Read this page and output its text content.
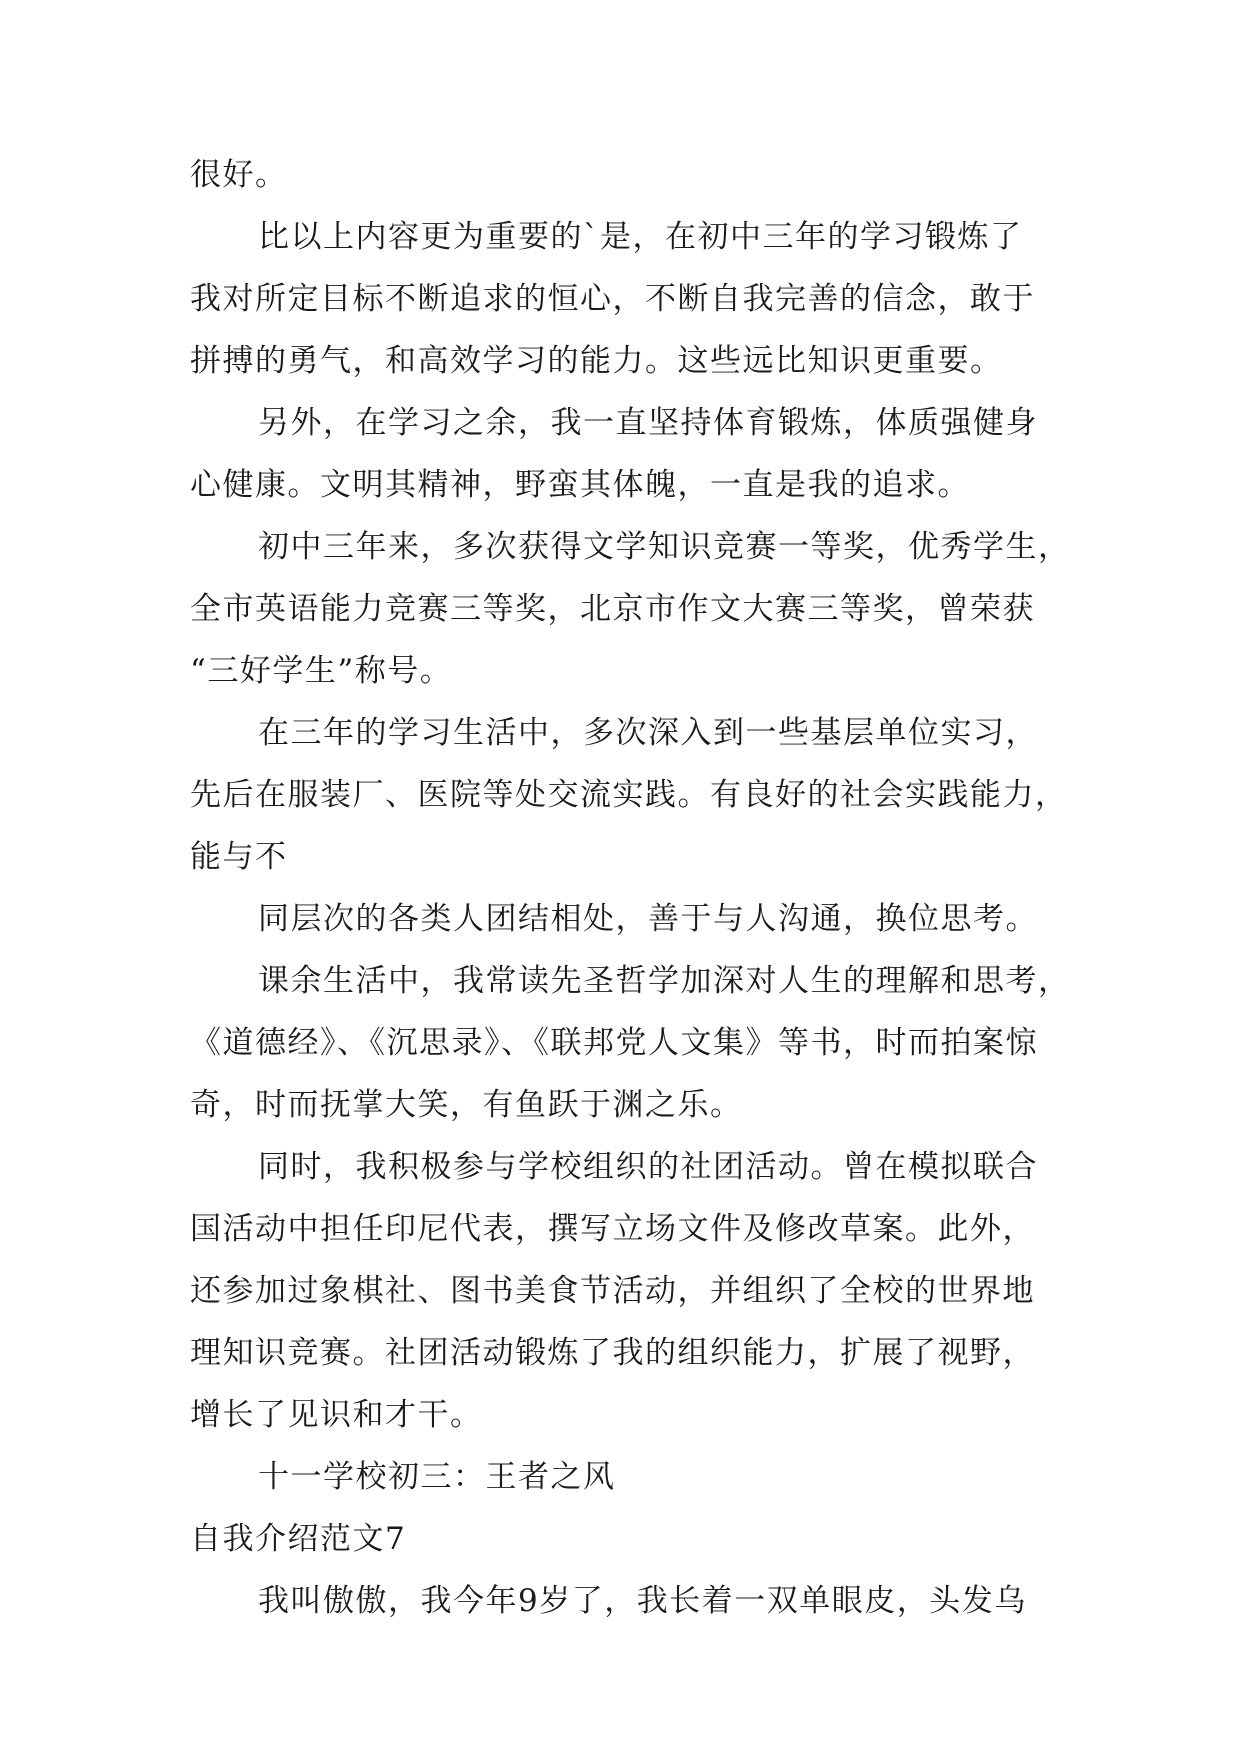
很好。
比以上内容更为重要的`是，在初中三年的学习锻炼了
我对所定目标不断追求的恒心，不断自我完善的信念，敢于
拼搏的勇气，和高效学习的能力。这些远比知识更重要。
另外，在学习之余，我一直坚持体育锻炼，体质强健身
心健康。文明其精神，野蛮其体魄，一直是我的追求。
初中三年来，多次获得文学知识竞赛一等奖，优秀学生，
全市英语能力竞赛三等奖，北京市作文大赛三等奖，曾荣获
“三好学生”称号。
在三年的学习生活中，多次深入到一些基层单位实习，
先后在服装厂、医院等处交流实践。有良好的社会实践能力，
能与不
同层次的各类人团结相处，善于与人沟通，换位思考。
课余生活中，我常读先圣哲学加深对人生的理解和思考，
《道德经》、《沉思录》、《联邦党人文集》等书，时而拍案惊
奇，时而抚掌大笑，有鱼跃于渊之乐。
同时，我积极参与学校组织的社团活动。曾在模拟联合
国活动中担任印尼代表，撰写立场文件及修改草案。此外，
还参加过象棋社、图书美食节活动，并组织了全校的世界地
理知识竞赛。社团活动锻炼了我的组织能力，扩展了视野，
增长了见识和才干。
十一学校初三：王者之风
自我介绍范文7
我叫傲傲，我今年9岁了，我长着一双单眼皮，头发乌
